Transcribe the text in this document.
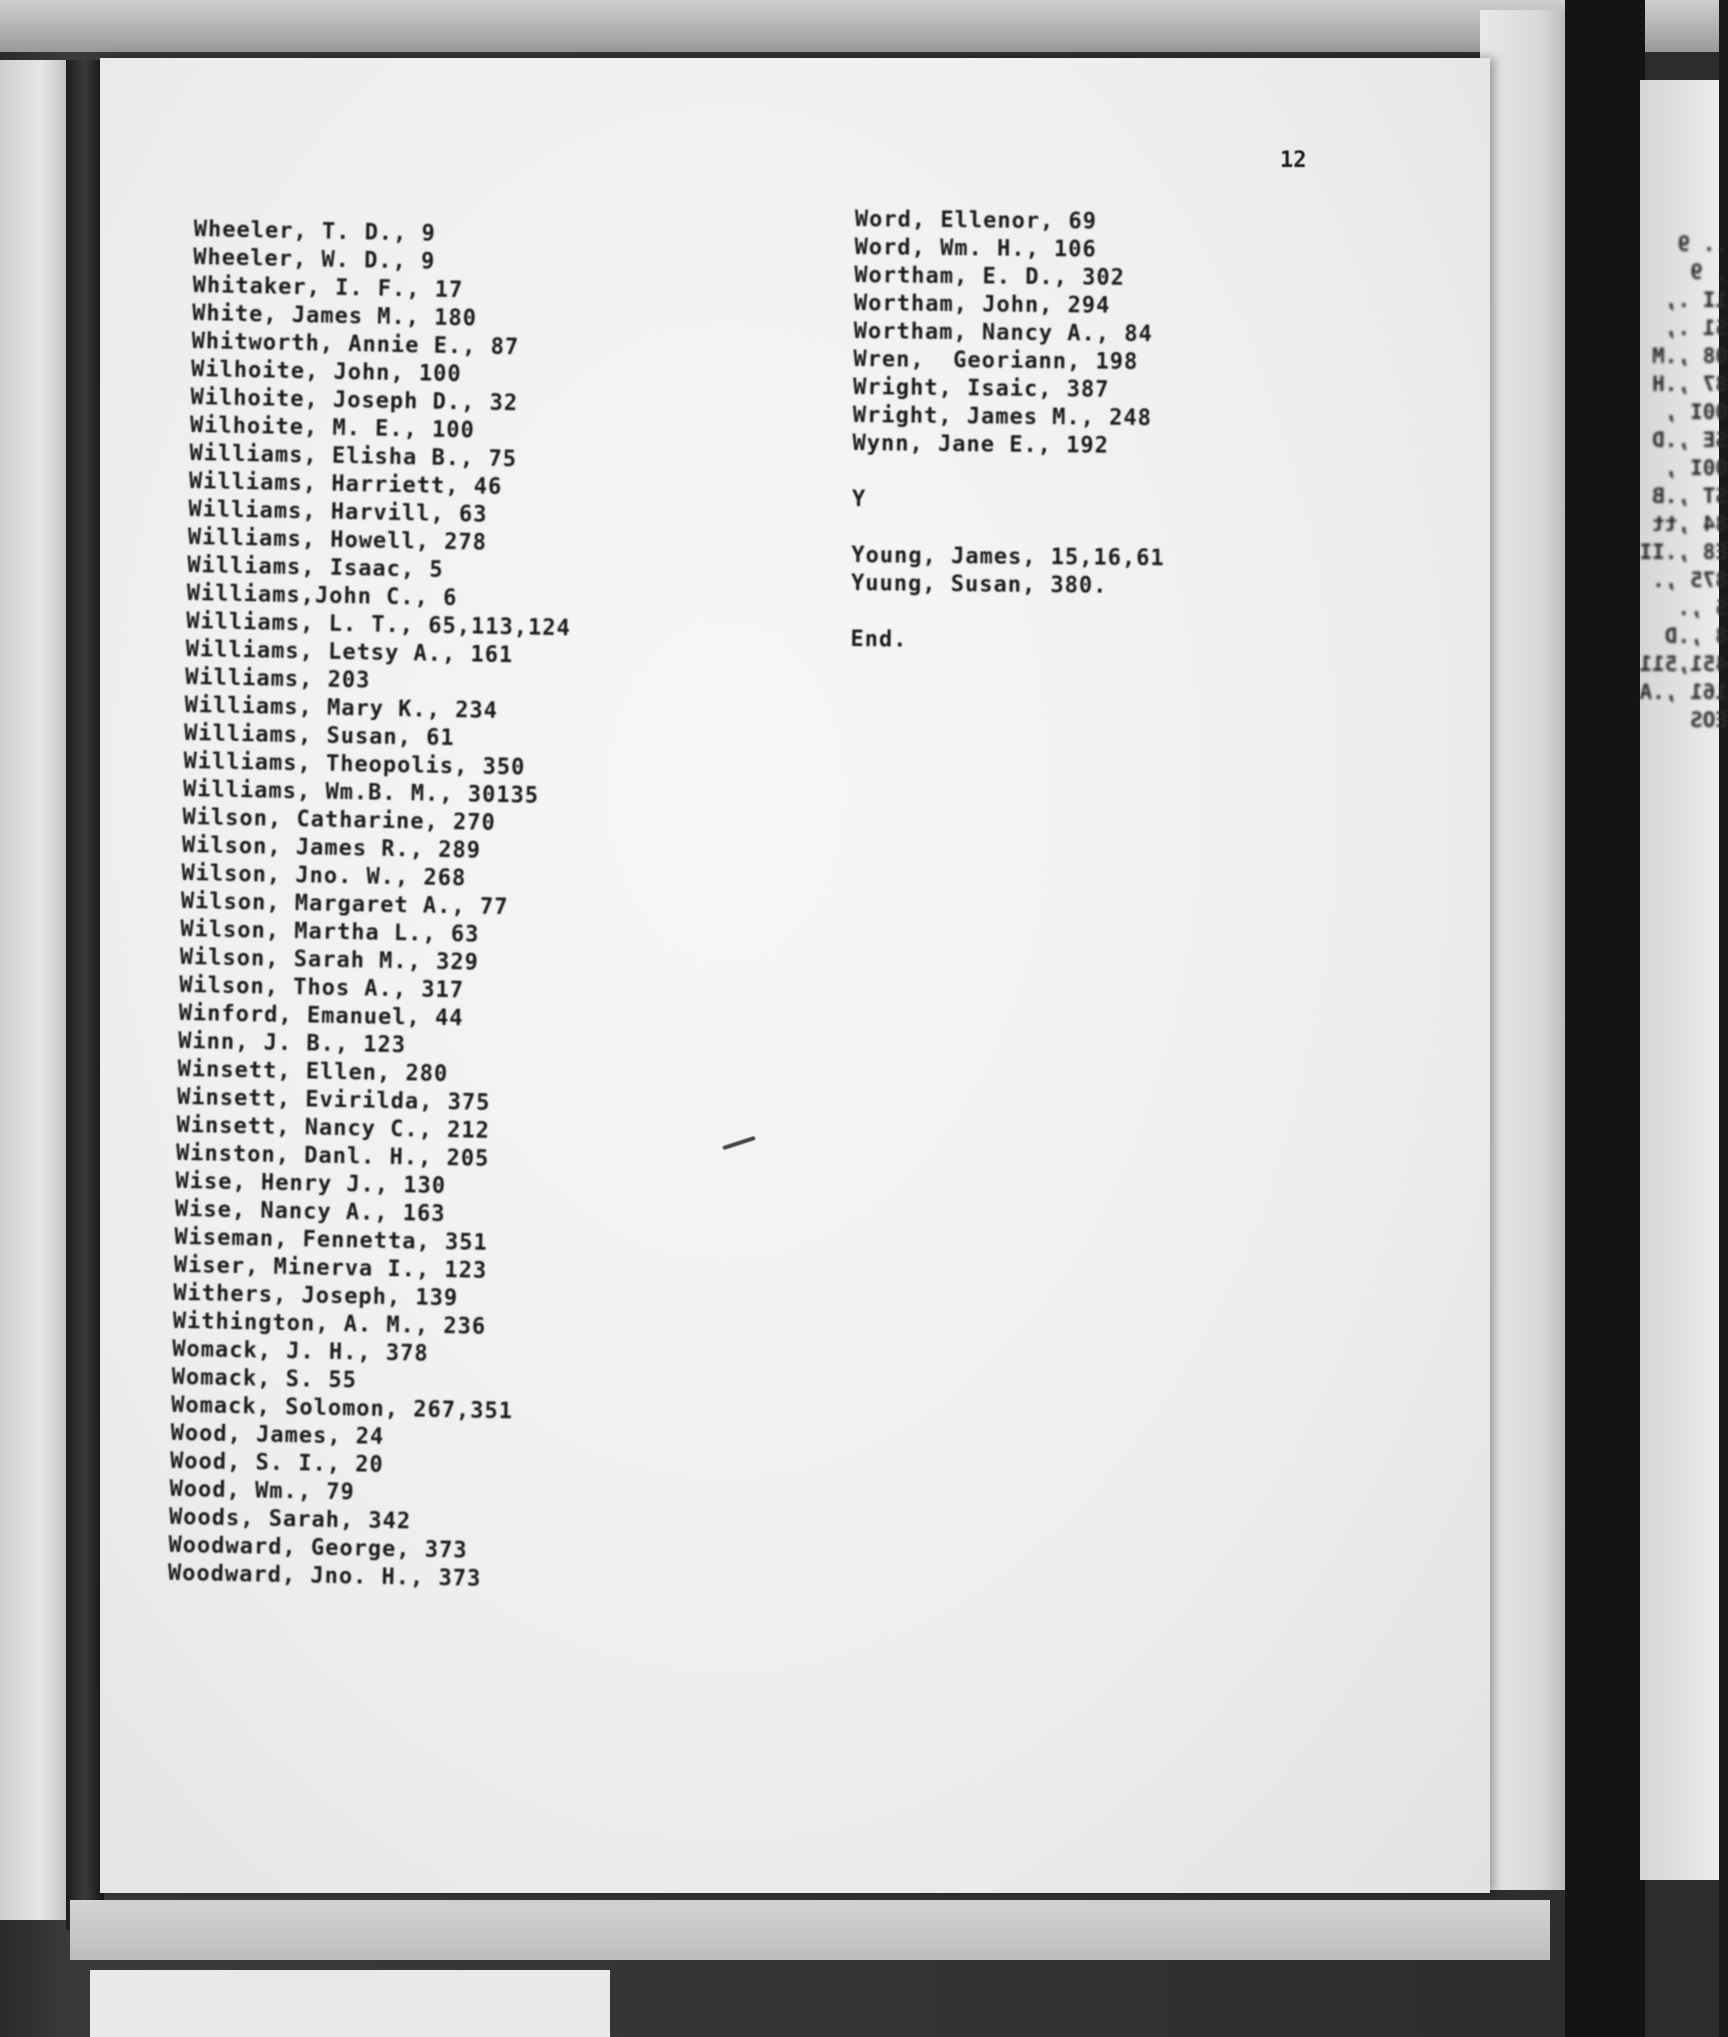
,. 9
, 9
1I .,
51 .,
08 ,.M
87 ,.H
00I ,
SE ,.D
00I ,
ST ,.B
84 ,tt
E8 ,.II
875 ,.
5 ,.
8 ,.D
451,511
161 ,.A
EOS

12
Wheeler, T. D., 9
Wheeler, W. D., 9
Whitaker, I. F., 17
White, James M., 180
Whitworth, Annie E., 87
Wilhoite, John, 100
Wilhoite, Joseph D., 32
Wilhoite, M. E., 100
Williams, Elisha B., 75
Williams, Harriett, 46
Williams, Harvill, 63
Williams, Howell, 278
Williams, Isaac, 5
Williams,John C., 6
Williams, L. T., 65,113,124
Williams, Letsy A., 161
Williams, 203
Williams, Mary K., 234
Williams, Susan, 61
Williams, Theopolis, 350
Williams, Wm.B. M., 30135
Wilson, Catharine, 270
Wilson, James R., 289
Wilson, Jno. W., 268
Wilson, Margaret A., 77
Wilson, Martha L., 63
Wilson, Sarah M., 329
Wilson, Thos A., 317
Winford, Emanuel, 44
Winn, J. B., 123
Winsett, Ellen, 280
Winsett, Evirilda, 375
Winsett, Nancy C., 212
Winston, Danl. H., 205
Wise, Henry J., 130
Wise, Nancy A., 163
Wiseman, Fennetta, 351
Wiser, Minerva I., 123
Withers, Joseph, 139
Withington, A. M., 236
Womack, J. H., 378
Womack, S. 55
Womack, Solomon, 267,351
Wood, James, 24
Wood, S. I., 20
Wood, Wm., 79
Woods, Sarah, 342
Woodward, George, 373
Woodward, Jno. H., 373
Word, Ellenor, 69
Word, Wm. H., 106
Wortham, E. D., 302
Wortham, John, 294
Wortham, Nancy A., 84
Wren,  Georiann, 198
Wright, Isaic, 387
Wright, James M., 248
Wynn, Jane E., 192
Y
Young, James, 15,16,61
Yuung, Susan, 380.
End.
